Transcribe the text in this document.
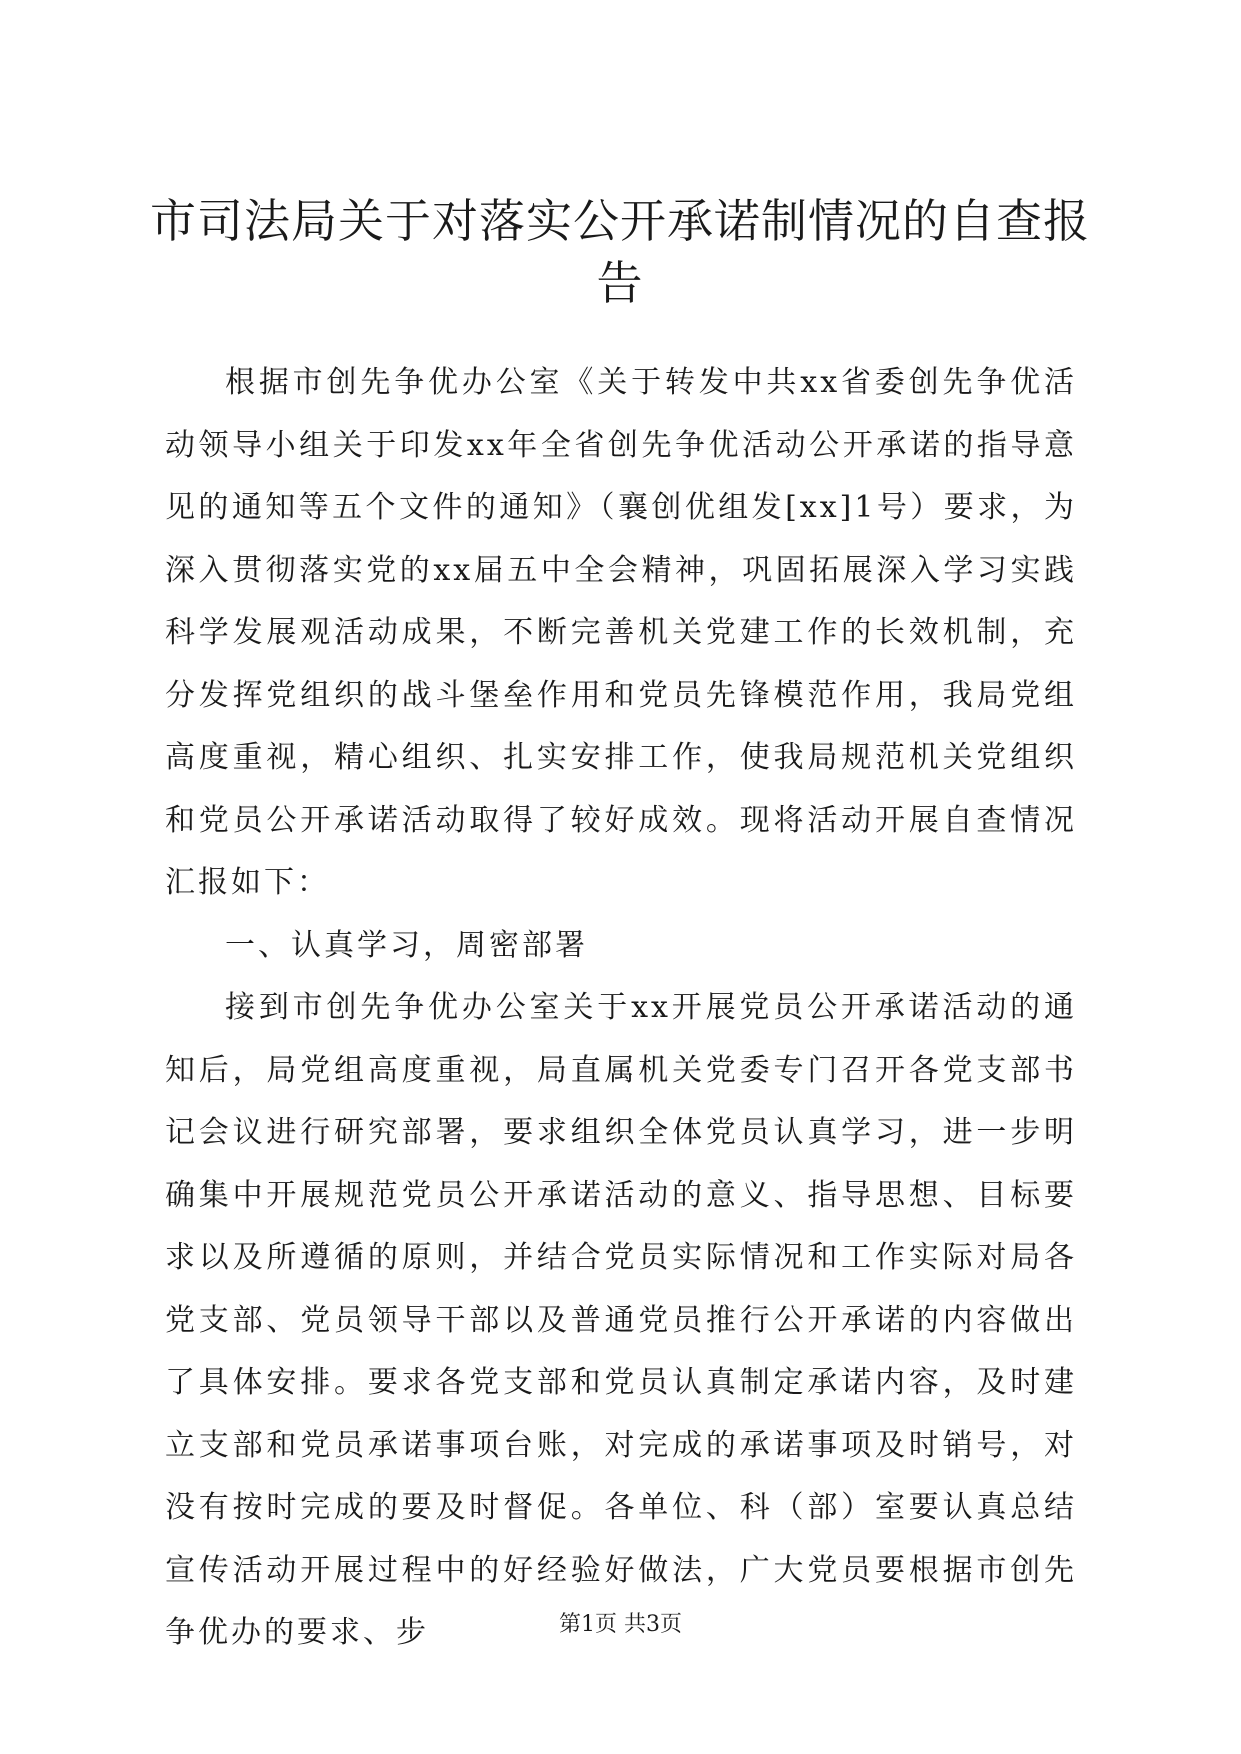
市司法局关于对落实公开承诺制情况的自查报告

根据市创先争优办公室《关于转发中共xx省委创先争优活动领导小组关于印发xx年全省创先争优活动公开承诺的指导意见的通知等五个文件的通知》（襄创优组发[xx]1号）要求，为深入贯彻落实党的xx届五中全会精神，巩固拓展深入学习实践科学发展观活动成果，不断完善机关党建工作的长效机制，充分发挥党组织的战斗堡垒作用和党员先锋模范作用，我局党组高度重视，精心组织、扎实安排工作，使我局规范机关党组织和党员公开承诺活动取得了较好成效。现将活动开展自查情况汇报如下：

一、认真学习，周密部署

接到市创先争优办公室关于xx开展党员公开承诺活动的通知后，局党组高度重视，局直属机关党委专门召开各党支部书记会议进行研究部署，要求组织全体党员认真学习，进一步明确集中开展规范党员公开承诺活动的意义、指导思想、目标要求以及所遵循的原则，并结合党员实际情况和工作实际对局各党支部、党员领导干部以及普通党员推行公开承诺的内容做出了具体安排。要求各党支部和党员认真制定承诺内容，及时建立支部和党员承诺事项台账，对完成的承诺事项及时销号，对没有按时完成的要及时督促。各单位、科（部）室要认真总结宣传活动开展过程中的好经验好做法，广大党员要根据市创先争优办的要求、步	第1页 共3页
